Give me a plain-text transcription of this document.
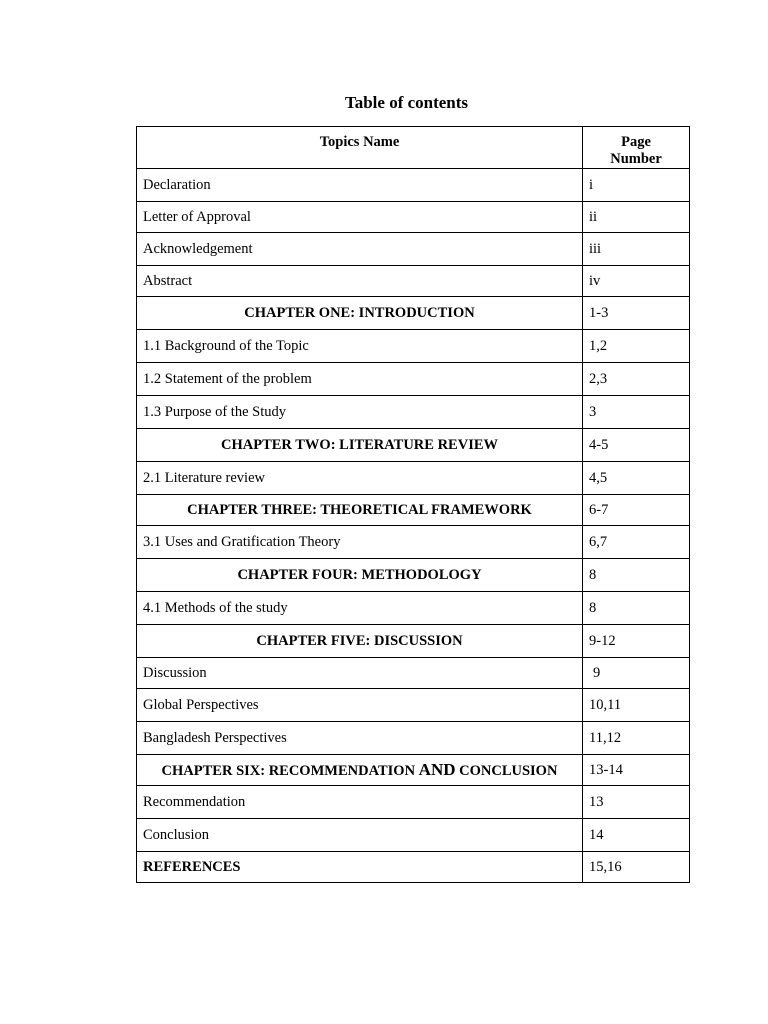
Table of contents
Topics Name	Page
Number
Declaration	i
Letter of Approval	ii
Acknowledgement	iii
Abstract	iv
CHAPTER ONE: INTRODUCTION	1-3
1.1 Background of the Topic	1,2
1.2 Statement of the problem	2,3
1.3 Purpose of the Study	3
CHAPTER TWO: LITERATURE REVIEW	4-5
2.1 Literature review	4,5
CHAPTER THREE: THEORETICAL FRAMEWORK	6-7
3.1 Uses and Gratification Theory	6,7
CHAPTER FOUR: METHODOLOGY	8
4.1 Methods of the study	8
CHAPTER FIVE: DISCUSSION	9-12
Discussion	9
Global Perspectives	10,11
Bangladesh Perspectives	11,12
CHAPTER SIX: RECOMMENDATION AND CONCLUSION	13-14
Recommendation	13
Conclusion	14
REFERENCES	15,16
